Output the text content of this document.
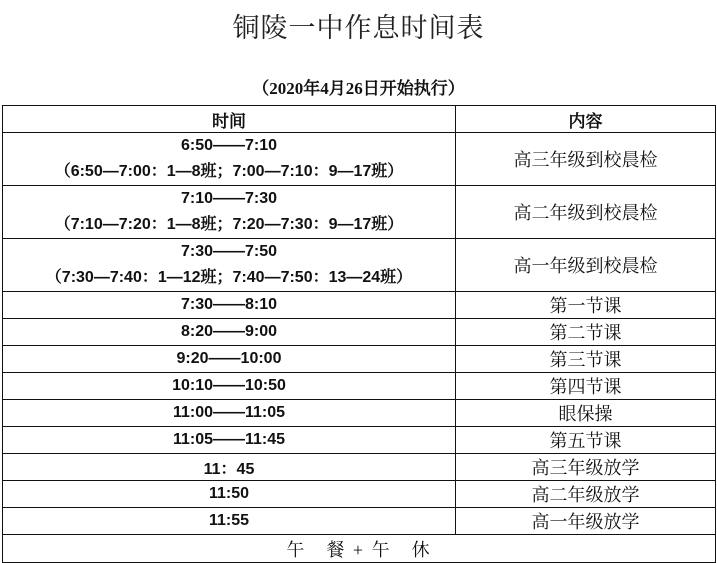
铜陵一中作息时间表
（2020年4月26日开始执行）
时间	内容

6:50——7:10
（6:50—7:00：1—8班；7:00—7:10：9—17班）	高三年级到校晨检

7:10——7:30
（7:10—7:20：1—8班；7:20—7:30：9—17班）	高二年级到校晨检

7:30——7:50
（7:30—7:40：1—12班；7:40—7:50：13—24班）	高一年级到校晨检
7:30——8:10	第一节课
8:20——9:00	第二节课
9:20——10:00	第三节课
10:10——10:50	第四节课
11:00——11:05	眼保操
11:05——11:45	第五节课
11：45	高三年级放学
11:50	高二年级放学
11:55	高一年级放学
午　餐 + 午　休	
